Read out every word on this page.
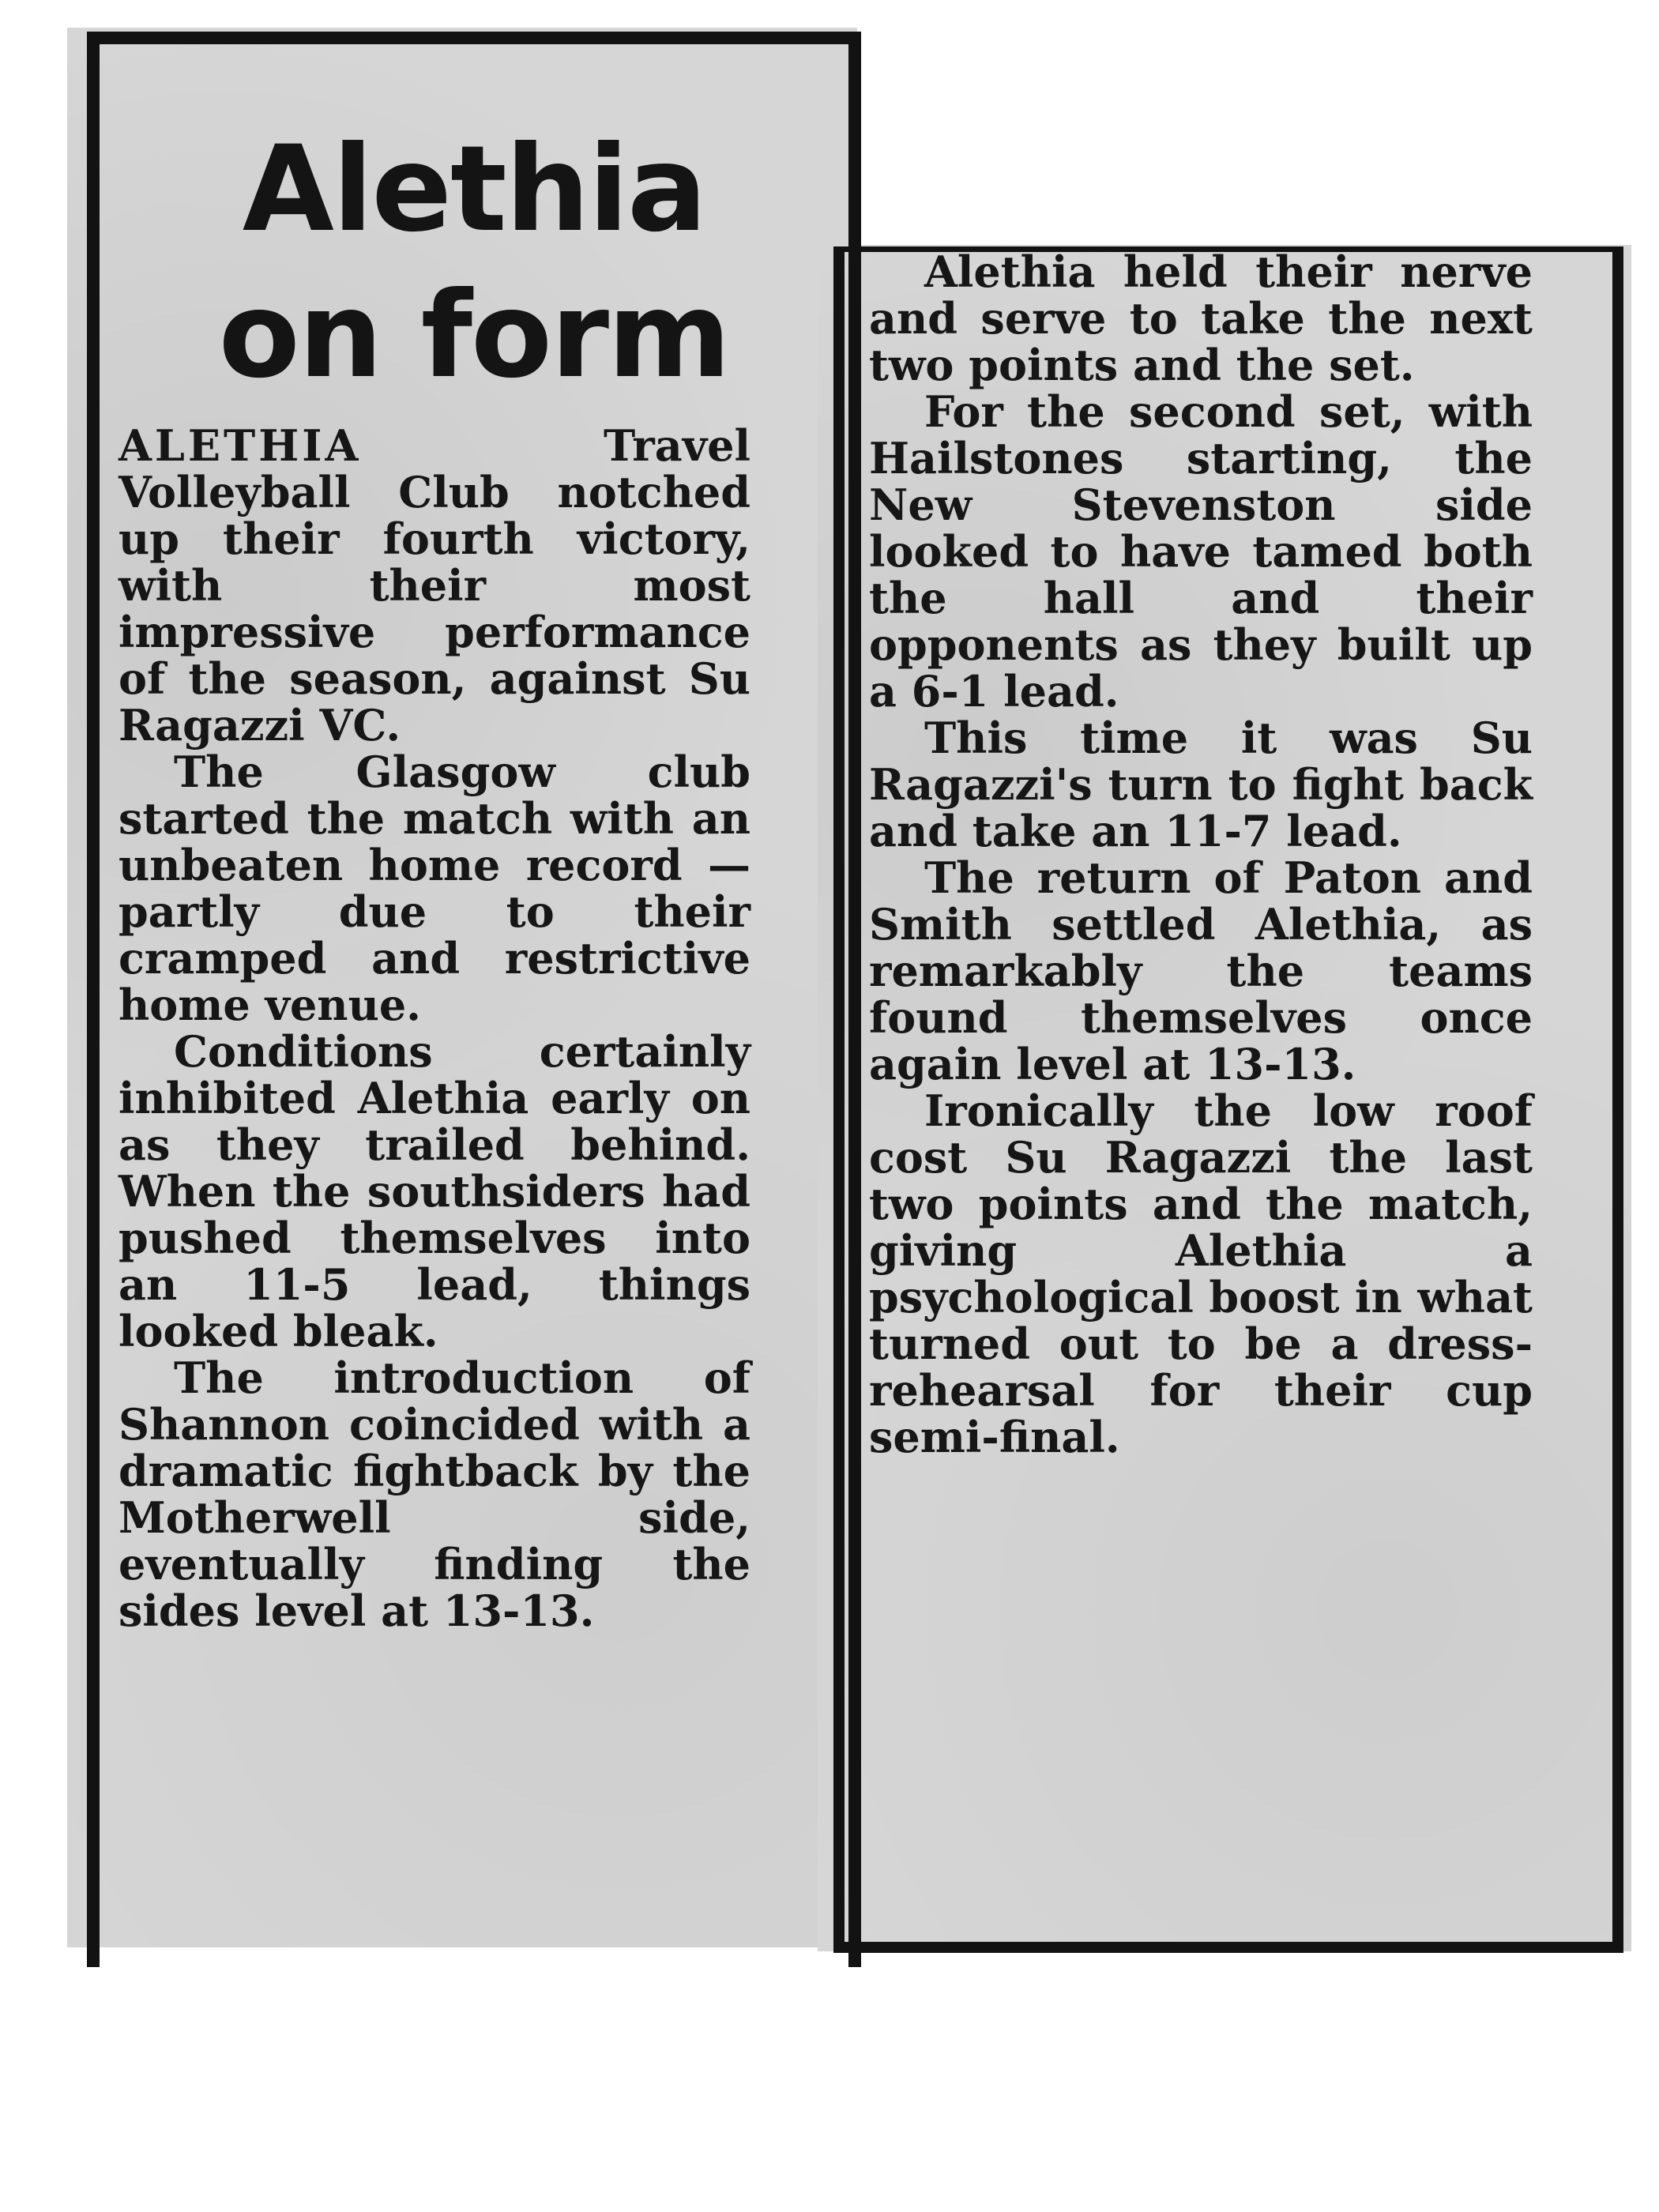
Alethia
on form

ALETHIA Travel Volleyball Club notched up their fourth victory, with their most impressive performance of the season, against Su Ragazzi VC.

The Glasgow club started the match with an unbeaten home record — partly due to their cramped and restrictive home venue.

Conditions certainly inhibited Alethia early on as they trailed behind. When the southsiders had pushed themselves into an 11-5 lead, things looked bleak.

The introduction of Shannon coincided with a dramatic fightback by the Motherwell side, eventually finding the sides level at 13-13.

Alethia held their nerve and serve to take the next two points and the set.

For the second set, with Hailstones starting, the New Stevenston side looked to have tamed both the hall and their opponents as they built up a 6-1 lead.

This time it was Su Ragazzi's turn to fight back and take an 11-7 lead.

The return of Paton and Smith settled Alethia, as remarkably the teams found themselves once again level at 13-13.

Ironically the low roof cost Su Ragazzi the last two points and the match, giving Alethia a psychological boost in what turned out to be a dress-rehearsal for their cup semi-final.
